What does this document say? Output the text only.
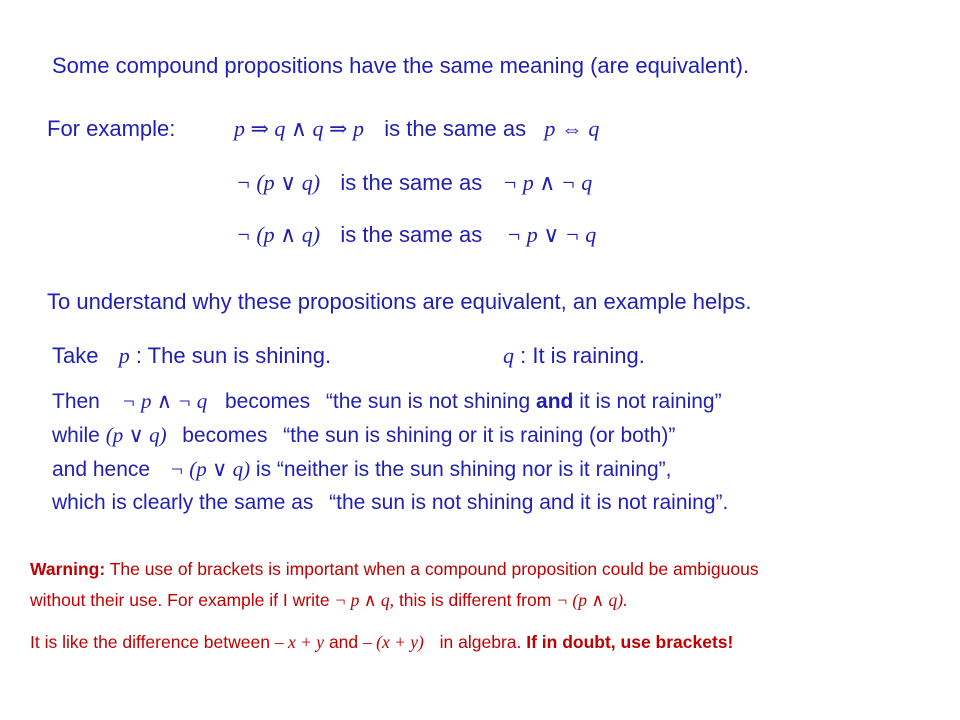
Some compound propositions have the same meaning (are equivalent).
For example:	p ⇒ q ∧ q ⇒ p is the same as p ⇔ q
¬ (p ∨ q) is the same as ¬ p ∧ ¬ q
¬ (p ∧ q) is the same as ¬ p ∨ ¬ q
To understand why these propositions are equivalent, an example helps.
Take p : The sun is shining.	q : It is raining.
Then ¬ p ∧ ¬ q becomes “the sun is not shining and it is not raining”
while (p ∨ q) becomes “the sun is shining or it is raining (or both)”
and hence ¬ (p ∨ q) is “neither is the sun shining nor is it raining”,
which is clearly the same as “the sun is not shining and it is not raining”.
Warning: The use of brackets is important when a compound proposition could be ambiguous
without their use. For example if I write ¬ p ∧ q, this is different from ¬ (p ∧ q).
It is like the difference between – x + y and – (x + y) in algebra. If in doubt, use brackets!
